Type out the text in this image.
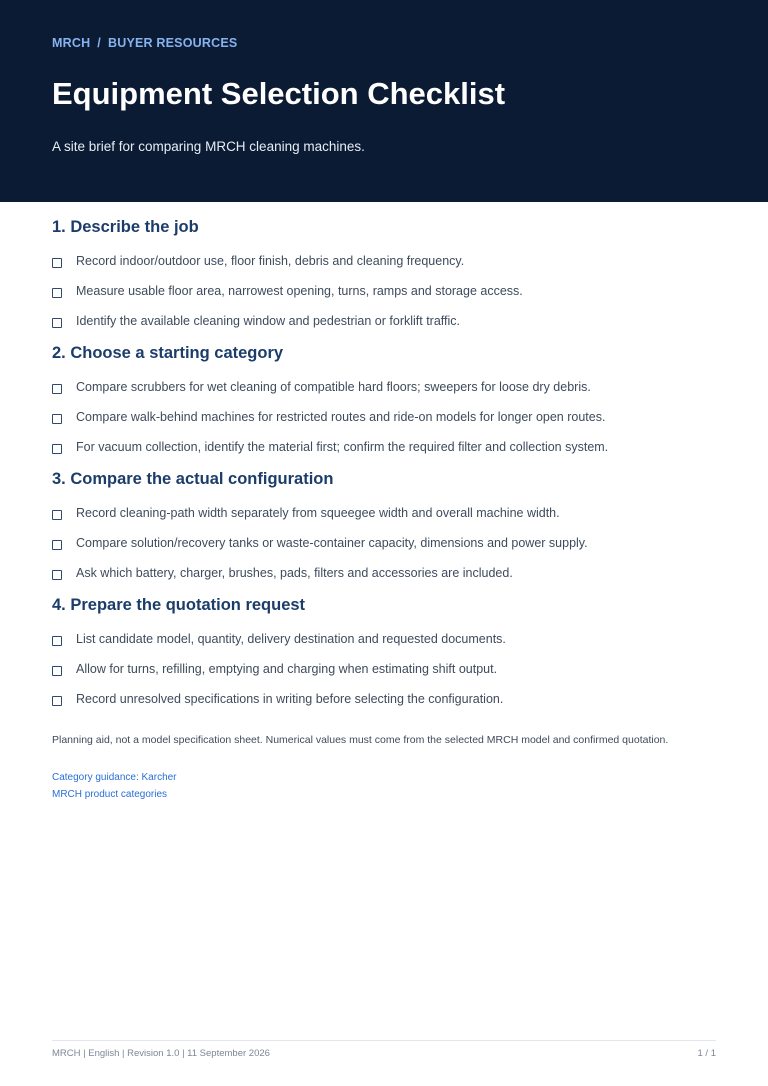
MRCH / BUYER RESOURCES
Equipment Selection Checklist

A site brief for comparing MRCH cleaning machines.

1. Describe the job
Record indoor/outdoor use, floor finish, debris and cleaning frequency.
Measure usable floor area, narrowest opening, turns, ramps and storage access.
Identify the available cleaning window and pedestrian or forklift traffic.
2. Choose a starting category
Compare scrubbers for wet cleaning of compatible hard floors; sweepers for loose dry debris.
Compare walk-behind machines for restricted routes and ride-on models for longer open routes.
For vacuum collection, identify the material first; confirm the required filter and collection system.
3. Compare the actual configuration
Record cleaning-path width separately from squeegee width and overall machine width.
Compare solution/recovery tanks or waste-container capacity, dimensions and power supply.
Ask which battery, charger, brushes, pads, filters and accessories are included.
4. Prepare the quotation request
List candidate model, quantity, delivery destination and requested documents.
Allow for turns, refilling, emptying and charging when estimating shift output.
Record unresolved specifications in writing before selecting the configuration.

Planning aid, not a model specification sheet. Numerical values must come from the selected MRCH model and confirmed quotation.

Category guidance: Karcher
MRCH product categories
MRCH | English | Revision 1.0 | 11 September 2026	1 / 1
